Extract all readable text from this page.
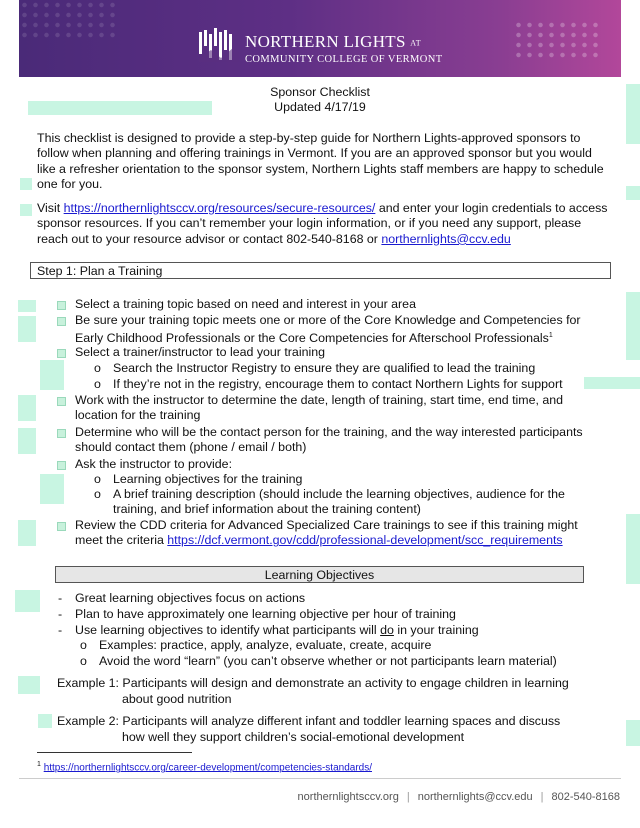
NORTHERN LIGHTS AT
COMMUNITY COLLEGE OF VERMONT
Sponsor Checklist
Updated 4/17/19
This checklist is designed to provide a step-by-step guide for Northern Lights-approved sponsors to follow when planning and offering trainings in Vermont. If you are an approved sponsor but you would like a refresher orientation to the sponsor system, Northern Lights staff members are happy to schedule one for you.
Visit https://northernlightsccv.org/resources/secure-resources/ and enter your login credentials to access sponsor resources. If you can’t remember your login information, or if you need any support, please reach out to your resource advisor or contact 802-540-8168 or northernlights@ccv.edu
Step 1: Plan a Training
Select a training topic based on need and interest in your area
Be sure your training topic meets one or more of the Core Knowledge and Competencies for Early Childhood Professionals or the Core Competencies for Afterschool Professionals$^1$
Select a trainer/instructor to lead your training
o Search the Instructor Registry to ensure they are qualified to lead the training
o If they’re not in the registry, encourage them to contact Northern Lights for support
Work with the instructor to determine the date, length of training, start time, end time, and location for the training
Determine who will be the contact person for the training, and the way interested participants should contact them (phone / email / both)
Ask the instructor to provide:
o Learning objectives for the training
o A brief training description (should include the learning objectives, audience for the training, and brief information about the training content)
Review the CDD criteria for Advanced Specialized Care trainings to see if this training might meet the criteria https://dcf.vermont.gov/cdd/professional-development/scc_requirements
Learning Objectives
- Great learning objectives focus on actions
- Plan to have approximately one learning objective per hour of training
- Use learning objectives to identify what participants will do in your training
o Examples: practice, apply, analyze, evaluate, create, acquire
o Avoid the word “learn” (you can’t observe whether or not participants learn material)
Example 1: Participants will design and demonstrate an activity to engage children in learning
about good nutrition
Example 2: Participants will analyze different infant and toddler learning spaces and discuss
how well they support children’s social-emotional development
$^1$ https://northernlightsccv.org/career-development/competencies-standards/
northernlightsccv.org | northernlights@ccv.edu | 802-540-8168
